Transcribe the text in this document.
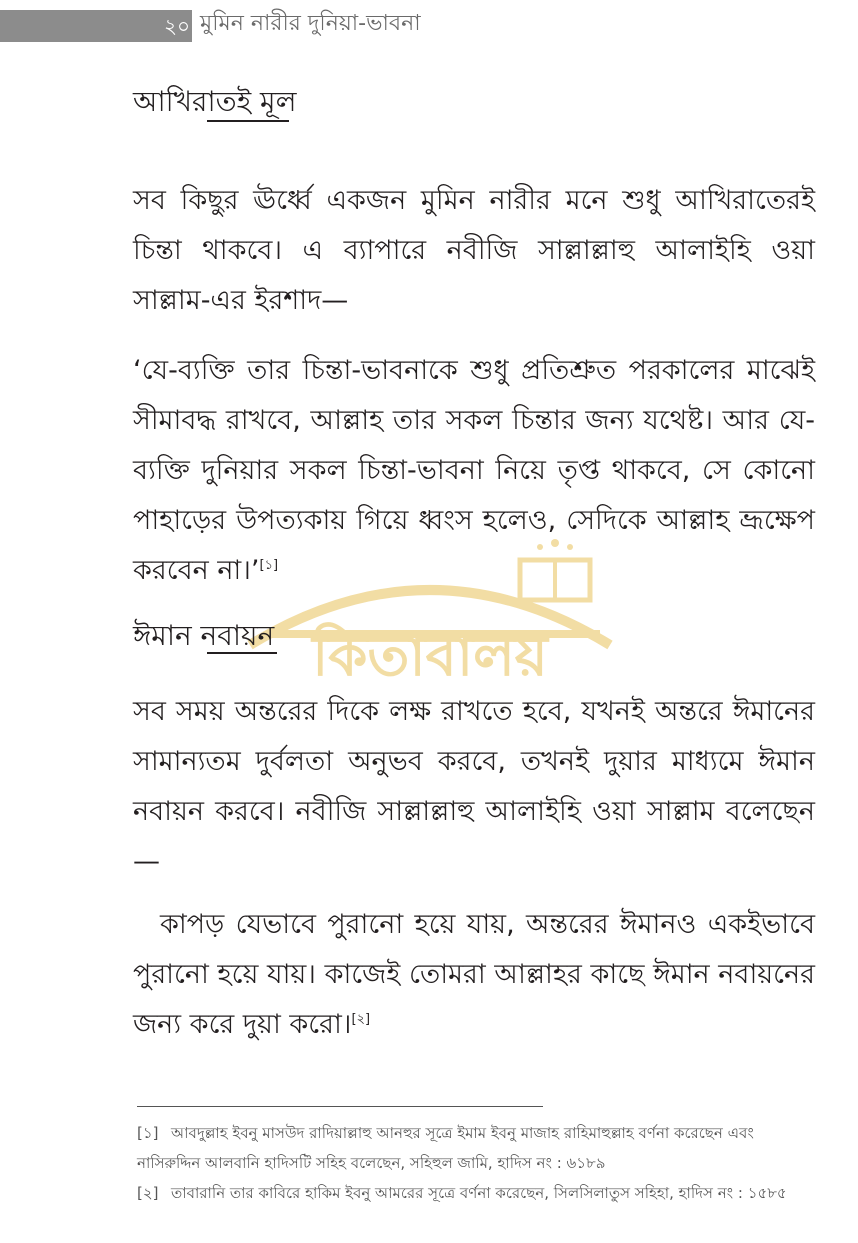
২০ মুমিন নারীর দুনিয়া-ভাবনা
আখিরাতই মূল

সব কিছুর ঊর্ধ্বে একজন মুমিন নারীর মনে শুধু আখিরাতেরই চিন্তা থাকবে। এ ব্যাপারে নবীজি সাল্লাল্লাহু আলাইহি ওয়া সাল্লাম-এর ইরশাদ—

‘যে-ব্যক্তি তার চিন্তা-ভাবনাকে শুধু প্রতিশ্রুত পরকালের মাঝেই সীমাবদ্ধ রাখবে, আল্লাহ তার সকল চিন্তার জন্য যথেষ্ট। আর যে-ব্যক্তি দুনিয়ার সকল চিন্তা-ভাবনা নিয়ে তৃপ্ত থাকবে, সে কোনো পাহাড়ের উপত্যকায় গিয়ে ধ্বংস হলেও, সেদিকে আল্লাহ ভ্রূক্ষেপ করবেন না।’[১]

কিতাবালয়
ঈমান নবায়ন

সব সময় অন্তরের দিকে লক্ষ রাখতে হবে, যখনই অন্তরে ঈমানের সামান্যতম দুর্বলতা অনুভব করবে, তখনই দুয়ার মাধ্যমে ঈমান নবায়ন করবে। নবীজি সাল্লাল্লাহু আলাইহি ওয়া সাল্লাম বলেছেন—

কাপড় যেভাবে পুরানো হয়ে যায়, অন্তরের ঈমানও একইভাবে পুরানো হয়ে যায়। কাজেই তোমরা আল্লাহর কাছে ঈমান নবায়নের জন্য করে দুয়া করো।[২]

[১] আবদুল্লাহ ইবনু মাসউদ রাদিয়াল্লাহু আনহুর সূত্রে ইমাম ইবনু মাজাহ রাহিমাহুল্লাহ বর্ণনা করেছেন এবং নাসিরুদ্দিন আলবানি হাদিসটি সহিহ বলেছেন, সহিহুল জামি, হাদিস নং : ৬১৮৯
[২] তাবারানি তার কাবিরে হাকিম ইবনু আমরের সূত্রে বর্ণনা করেছেন, সিলসিলাতুস সহিহা, হাদিস নং : ১৫৮৫
